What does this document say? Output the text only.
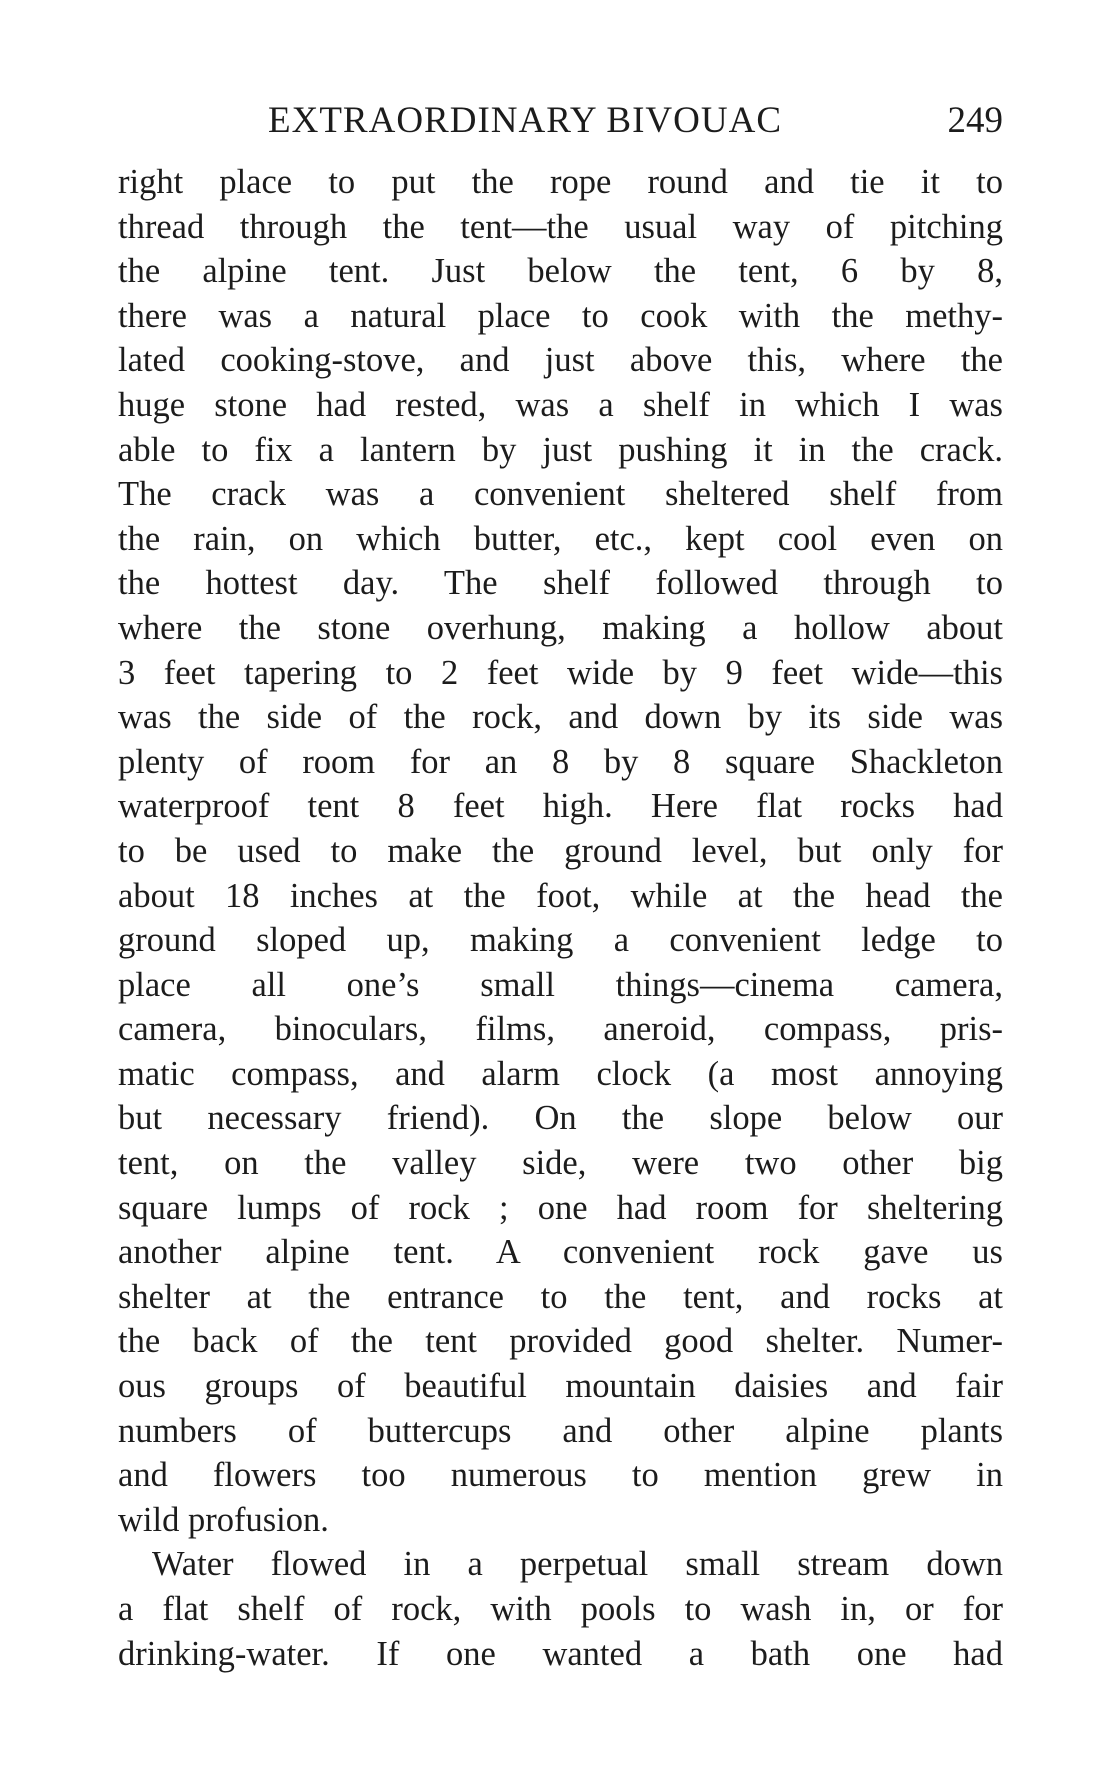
EXTRAORDINARY BIVOUAC	249
right place to put the rope round and tie it to
thread through the tent—the usual way of pitching
the alpine tent. Just below the tent, 6 by 8,
there was a natural place to cook with the methy-
lated cooking-stove, and just above this, where the
huge stone had rested, was a shelf in which I was
able to fix a lantern by just pushing it in the crack.
The crack was a convenient sheltered shelf from
the rain, on which butter, etc., kept cool even on
the hottest day. The shelf followed through to
where the stone overhung, making a hollow about
3 feet tapering to 2 feet wide by 9 feet wide—this
was the side of the rock, and down by its side was
plenty of room for an 8 by 8 square Shackleton
waterproof tent 8 feet high. Here flat rocks had
to be used to make the ground level, but only for
about 18 inches at the foot, while at the head the
ground sloped up, making a convenient ledge to
place all one’s small things—cinema camera,
camera, binoculars, films, aneroid, compass, pris-
matic compass, and alarm clock (a most annoying
but necessary friend). On the slope below our
tent, on the valley side, were two other big
square lumps of rock ; one had room for sheltering
another alpine tent. A convenient rock gave us
shelter at the entrance to the tent, and rocks at
the back of the tent provided good shelter. Numer-
ous groups of beautiful mountain daisies and fair
numbers of buttercups and other alpine plants
and flowers too numerous to mention grew in
wild profusion.
Water flowed in a perpetual small stream down
a flat shelf of rock, with pools to wash in, or for
drinking-water. If one wanted a bath one had
